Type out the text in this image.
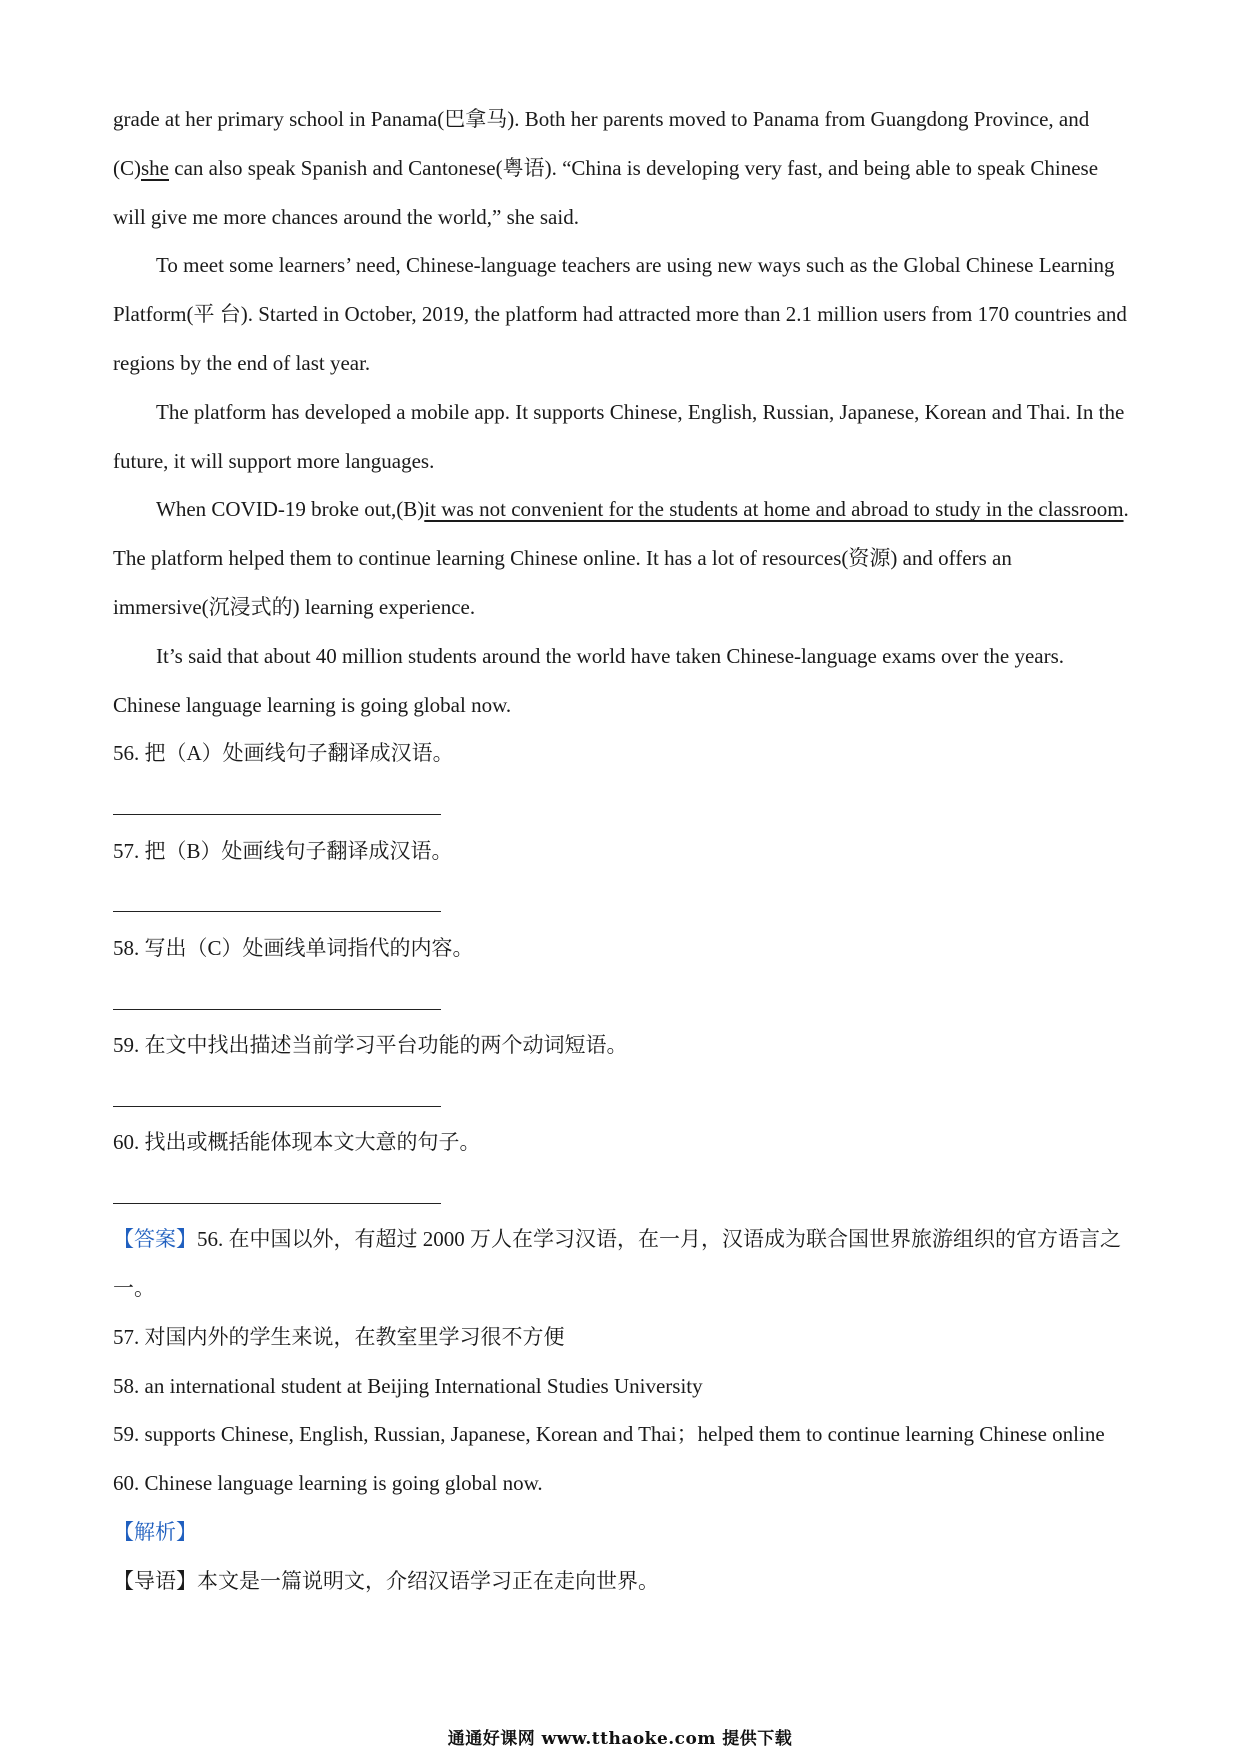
grade at her primary school in Panama(巴拿马). Both her parents moved to Panama from Guangdong Province, and (C)she can also speak Spanish and Cantonese(粤语). “China is developing very fast, and being able to speak Chinese will give me more chances around the world,” she said.

To meet some learners’ need, Chinese-language teachers are using new ways such as the Global Chinese Learning Platform(平 台). Started in October, 2019, the platform had attracted more than 2.1 million users from 170 countries and regions by the end of last year.

The platform has developed a mobile app. It supports Chinese, English, Russian, Japanese, Korean and Thai. In the future, it will support more languages.

When COVID-19 broke out,(B)it was not convenient for the students at home and abroad to study in the classroom. The platform helped them to continue learning Chinese online. It has a lot of resources(资源) and offers an immersive(沉浸式的) learning experience.

It’s said that about 40 million students around the world have taken Chinese-language exams over the years. Chinese language learning is going global now.

56. 把（A）处画线句子翻译成汉语。

57. 把（B）处画线句子翻译成汉语。

58. 写出（C）处画线单词指代的内容。

59. 在文中找出描述当前学习平台功能的两个动词短语。

60. 找出或概括能体现本文大意的句子。

【答案】56. 在中国以外，有超过 2000 万人在学习汉语，在一月，汉语成为联合国世界旅游组织的官方语言之一。

57. 对国内外的学生来说，在教室里学习很不方便

58. an international student at Beijing International Studies University

59. supports Chinese, English, Russian, Japanese, Korean and Thai；helped them to continue learning Chinese online

60. Chinese language learning is going global now.

【解析】

【导语】本文是一篇说明文，介绍汉语学习正在走向世界。

通通好课网 www.tthaoke.com 提供下载
